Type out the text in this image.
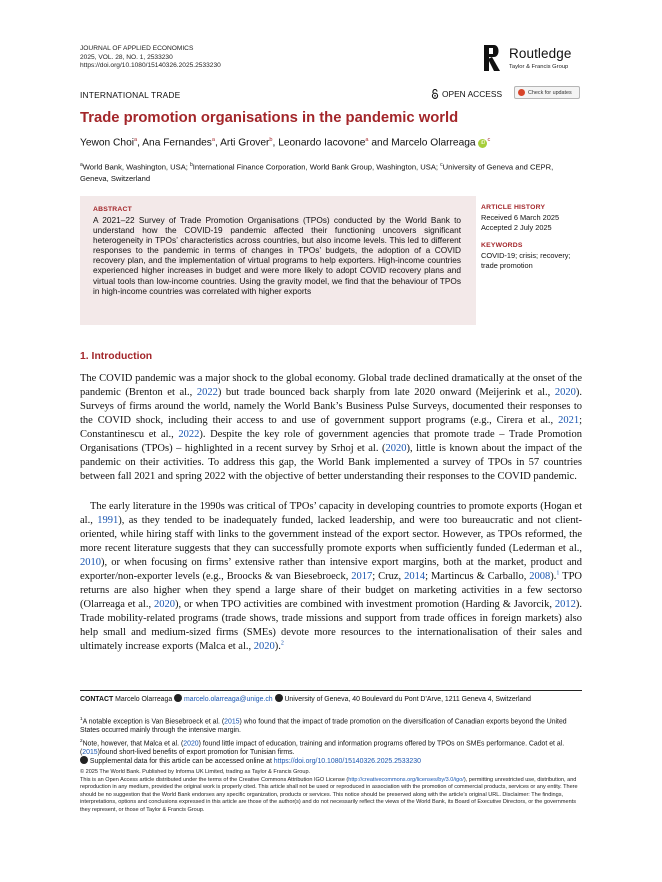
JOURNAL OF APPLIED ECONOMICS
2025, VOL. 28, NO. 1, 2533230
https://doi.org/10.1080/15140326.2025.2533230
Routledge
Taylor & Francis Group
INTERNATIONAL TRADE	OPEN ACCESS	Check for updates
Trade promotion organisations in the pandemic world
Yewon Choi$^a$, Ana Fernandes$^a$, Arti Grover$^b$, Leonardo Iacovone$^a$ and Marcelo Olarreaga $iD^c$
$^a$World Bank, Washington, USA; $^b$International Finance Corporation, World Bank Group, Washington, USA; $^c$University of Geneva and CEPR, Geneva, Switzerland
ABSTRACT
A 2021–22 Survey of Trade Promotion Organisations (TPOs) conducted by the World Bank to understand how the COVID-19 pandemic affected their functioning uncovers significant heterogeneity in TPOs’ characteristics across countries, but also income levels. This led to different responses to the pandemic in terms of changes in TPOs’ budgets, the adoption of a COVID recovery plan, and the implementation of virtual programs to help exporters. High-income countries experienced higher increases in budget and were more likely to adopt COVID recovery plans and virtual tools than low-income countries. Using the gravity model, we find that the behaviour of TPOs in high-income countries was correlated with higher exports
ARTICLE HISTORY
Received 6 March 2025
Accepted 2 July 2025
KEYWORDS
COVID-19; crisis; recovery; trade promotion
1. Introduction

The COVID pandemic was a major shock to the global economy. Global trade declined dramatically at the onset of the pandemic (Brenton et al., 2022) but trade bounced back sharply from late 2020 onward (Meijerink et al., 2020). Surveys of firms around the world, namely the World Bank’s Business Pulse Surveys, documented their responses to the COVID shock, including their access to and use of government support programs (e.g., Cirera et al., 2021; Constantinescu et al., 2022). Despite the key role of government agencies that promote trade – Trade Promotion Organisations (TPOs) – highlighted in a recent survey by Srhoj et al. (2020), little is known about the impact of the pandemic on their activities. To address this gap, the World Bank implemented a survey of TPOs in 57 countries between fall 2021 and spring 2022 with the objective of better understanding their responses to the COVID pandemic.

The early literature in the 1990s was critical of TPOs’ capacity in developing countries to promote exports (Hogan et al., 1991), as they tended to be inadequately funded, lacked leadership, and were too bureaucratic and not client-oriented, while hiring staff with links to the government instead of the export sector. However, as TPOs reformed, the more recent literature suggests that they can successfully promote exports when sufficiently funded (Lederman et al., 2010), or when focusing on firms’ extensive rather than intensive export margins, both at the market, product and exporter/non-exporter levels (e.g., Broocks & van Biesebroeck, 2017; Cruz, 2014; Martincus & Carballo, 2008).$^1$ TPO returns are also higher when they spend a large share of their budget on marketing activities in a few sectorso (Olarreaga et al., 2020), or when TPO activities are combined with investment promotion (Harding & Javorcik, 2012). Trade mobility-related programs (trade shows, trade missions and support from trade offices in foreign markets) also help small and medium-sized firms (SMEs) devote more resources to the internationalisation of their sales and ultimately increase exports (Malca et al., 2020).$^2$

CONTACT Marcelo Olarreaga marcelo.olarreaga@unige.ch University of Geneva, 40 Boulevard du Pont D’Arve, 1211 Geneva 4, Switzerland
$^1$A notable exception is Van Biesebroeck et al. (2015) who found that the impact of trade promotion on the diversification of Canadian exports beyond the United States occurred mainly through the intensive margin.
$^2$Note, however, that Malca et al. (2020) found little impact of education, training and information programs offered by TPOs on SMEs performance. Cadot et al. (2015)found short-lived benefits of export promotion for Tunisian firms.
Supplemental data for this article can be accessed online at https://doi.org/10.1080/15140326.2025.2533230
© 2025 The World Bank. Published by Informa UK Limited, trading as Taylor & Francis Group.
This is an Open Access article distributed under the terms of the Creative Commons Attribution IGO License (http://creativecommons.org/licenses/by/3.0/igo/), permitting unrestricted use, distribution, and reproduction in any medium, provided the original work is properly cited. This article shall not be used or reproduced in association with the promotion of commercial products, services or any entity. There should be no suggestion that the World Bank endorses any specific organization, products or services. This notice should be preserved along with the article’s original URL. Disclaimer: The findings, interpretations, options and conclusions expressed in this article are those of the author(s) and do not necessarily reflect the views of the World Bank, its Board of Executive Directors, or the governments they represent, or those of Taylor & Francis Group.
